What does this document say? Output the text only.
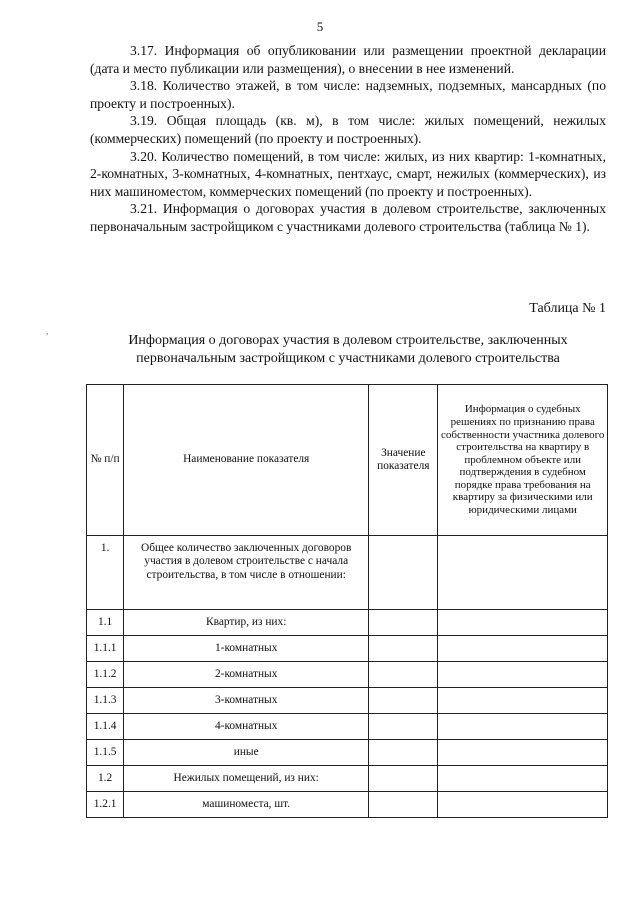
5

3.17. Информация об опубликовании или размещении проектной декларации (дата и место публикации или размещения), о внесении в нее изменений.

3.18. Количество этажей, в том числе: надземных, подземных, мансардных (по проекту и построенных).

3.19. Общая площадь (кв. м), в том числе: жилых помещений, нежилых (коммерческих) помещений (по проекту и построенных).

3.20. Количество помещений, в том числе: жилых, из них квартир: 1-комнатных, 2-комнатных, 3-комнатных, 4-комнатных, пентхаус, смарт, нежилых (коммерческих), из них машиноместом, коммерческих помещений (по проекту и построенных).

3.21. Информация о договорах участия в долевом строительстве, заключенных первоначальным застройщиком с участниками долевого строительства (таблица № 1).

,
Таблица № 1
Информация о договорах участия в долевом строительстве, заключенных первоначальным застройщиком с участниками долевого строительства
№ п/п	Наименование показателя	Значение показателя	Информация о судебных решениях по признанию права собственности участника долевого строительства на квартиру в проблемном объекте или подтверждения в судебном порядке права требования на квартиру за физическими или юридическими лицами
1.	Общее количество заключенных договоров участия в долевом строительстве с начала строительства, в том числе в отношении:		
1.1	Квартир, из них:		
1.1.1	1-комнатных		
1.1.2	2-комнатных		
1.1.3	3-комнатных		
1.1.4	4-комнатных		
1.1.5	иные		
1.2	Нежилых помещений, из них:		
1.2.1	машиноместа, шт.		
